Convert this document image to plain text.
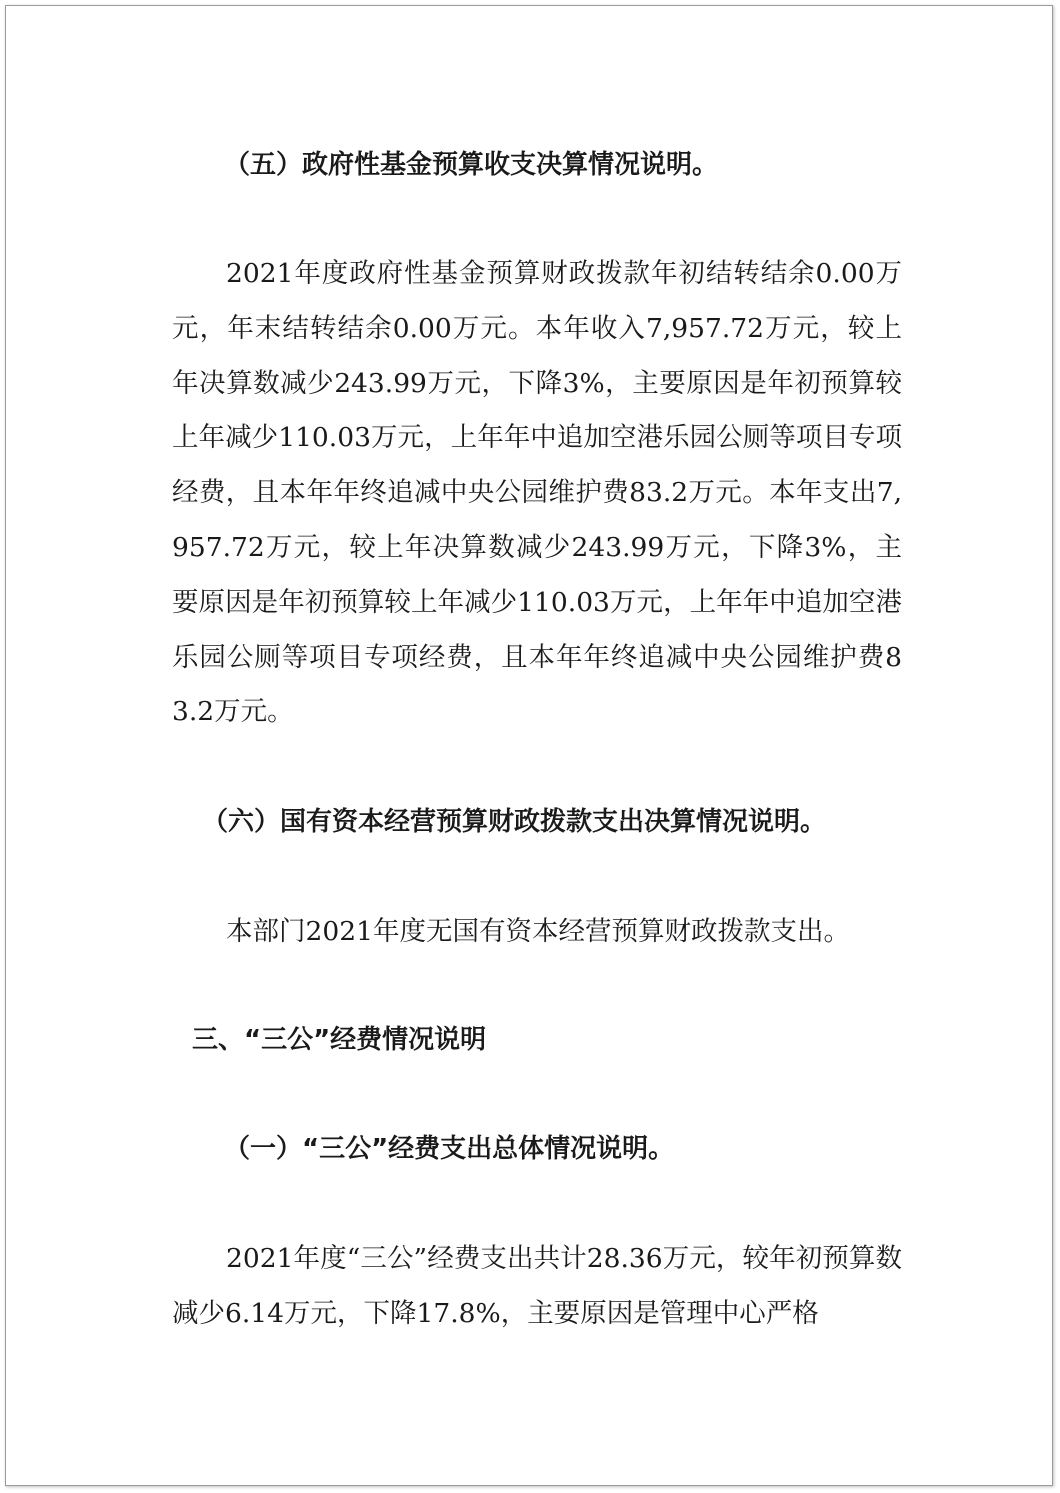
（五）政府性基金预算收支决算情况说明。

2021年度政府性基金预算财政拨款年初结转结余0.00万元，年末结转结余0.00万元。本年收入7,957.72万元，较上年决算数减少243.99万元，下降3%，主要原因是年初预算较上年减少110.03万元，上年年中追加空港乐园公厕等项目专项经费，且本年年终追减中央公园维护费83.2万元。本年支出7,957.72万元，较上年决算数减少243.99万元，下降3%，主要原因是年初预算较上年减少110.03万元，上年年中追加空港乐园公厕等项目专项经费，且本年年终追减中央公园维护费83.2万元。

（六）国有资本经营预算财政拨款支出决算情况说明。

本部门2021年度无国有资本经营预算财政拨款支出。

三、“三公”经费情况说明
（一）“三公”经费支出总体情况说明。

2021年度“三公”经费支出共计28.36万元，较年初预算数减少6.14万元，下降17.8%，主要原因是管理中心严格
